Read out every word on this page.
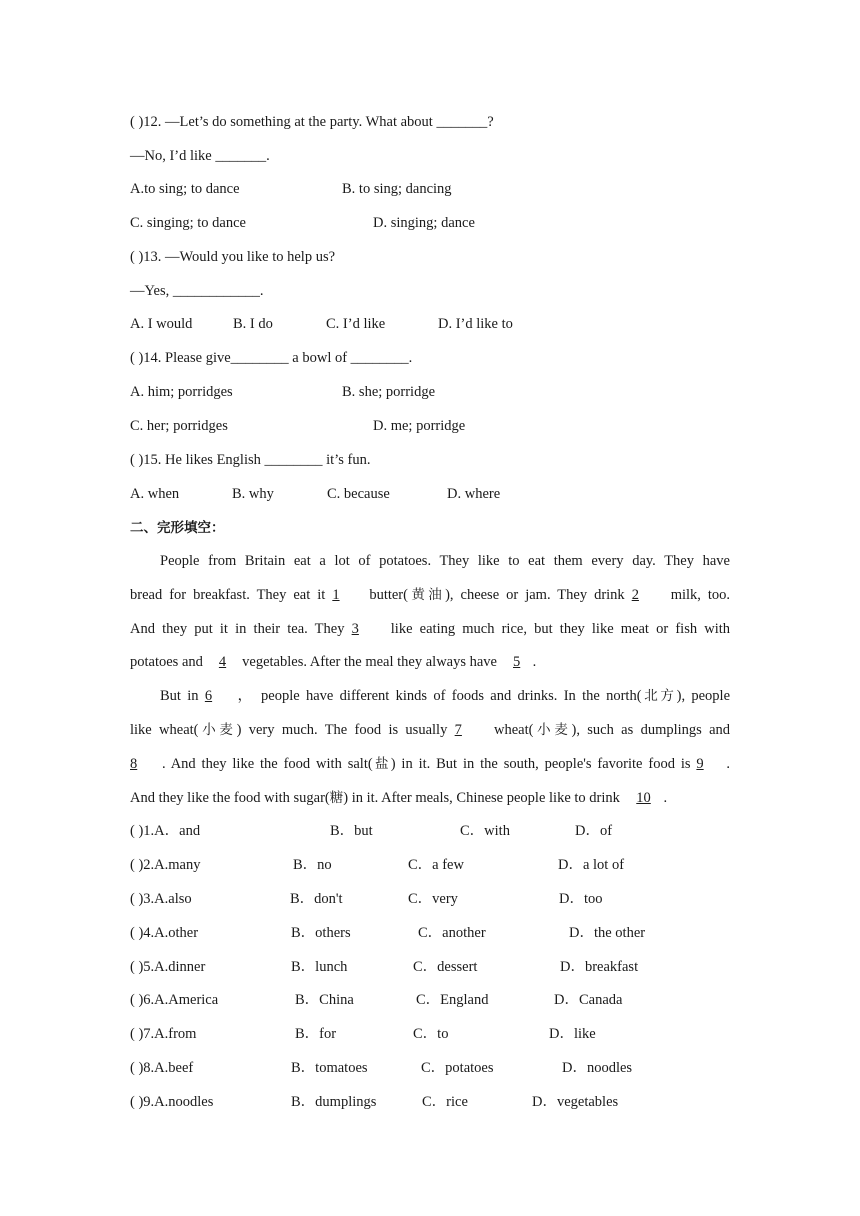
( )12. —Let’s do something at the party. What about _______?
—No, I’d like _______.
A.to sing; to dance	B. to sing; dancing
C. singing; to dance	D. singing; dance
( )13. —Would you like to help us?
—Yes, ____________.
A. I would	B. I do	C. I’d like	D. I’d like to
( )14. Please give________ a bowl of ________.
A. him; porridges	B. she; porridge
C. her; porridges	D. me; porridge
( )15. He likes English ________ it’s fun.
A. when	B. why	C. because	D. where
二、完形填空：
People from Britain eat a lot of potatoes. They like to eat them every day. They have
bread for breakfast. They eat it 1 butter(黄油), cheese or jam. They drink 2 milk, too.
And they put it in their tea. They 3 like eating much rice, but they like meat or fish with
potatoes and 4 vegetables. After the meal they always have 5 .
But in 6 ， people have different kinds of foods and drinks. In the north(北方), people
like wheat(小麦) very much. The food is usually 7 wheat(小麦), such as dumplings and
8 . And they like the food with salt(盐) in it. But in the south, people's favorite food is 9 .
And they like the food with sugar(糖) in it. After meals, Chinese people like to drink 10 .
( )1.A．and	B．but	C．with	D．of
( )2.A.many	B．no	C．a few	D．a lot of
( )3.A.also	B．don't	C．very	D．too
( )4.A.other	B．others	C．another	D．the other
( )5.A.dinner	B．lunch	C．dessert	D．breakfast
( )6.A.America	B．China	C．England	D．Canada
( )7.A.from	B．for	C．to	D．like
( )8.A.beef	B．tomatoes	C．potatoes	D．noodles
( )9.A.noodles	B．dumplings	C．rice	D．vegetables
